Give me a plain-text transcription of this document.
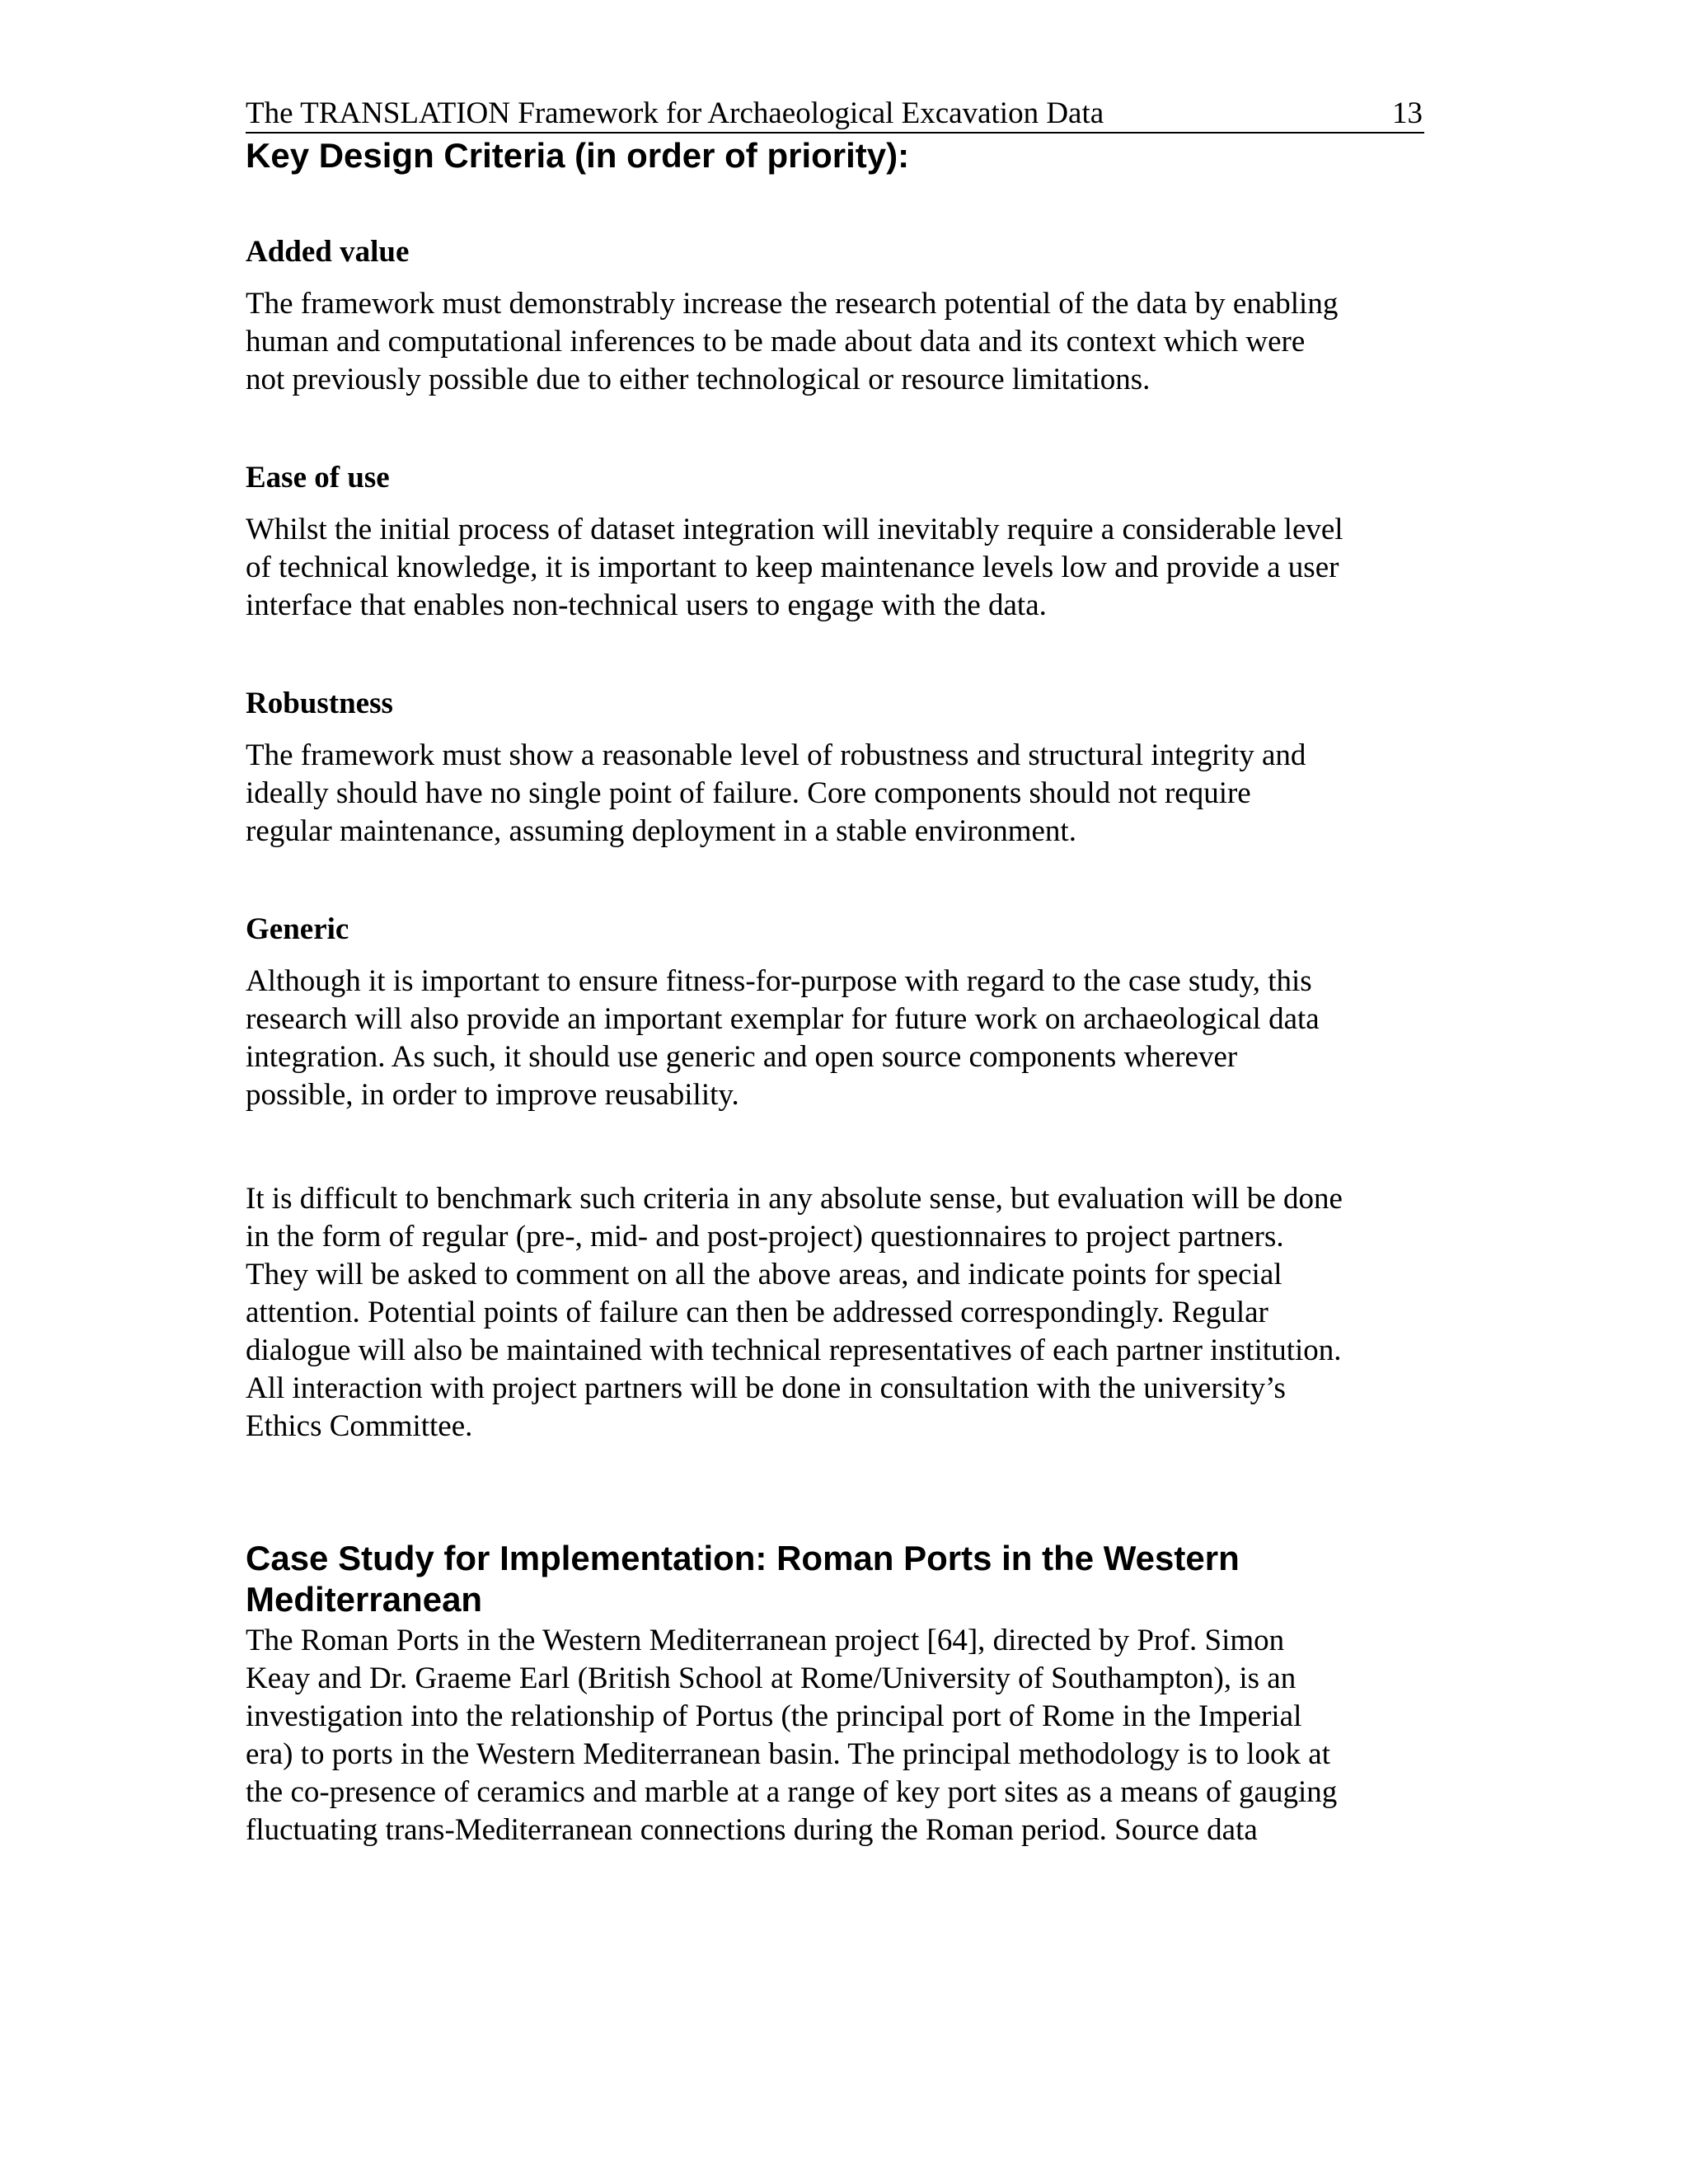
The TRANSLATION Framework for Archaeological Excavation Data	13
Key Design Criteria (in order of priority):
Added value

The framework must demonstrably increase the research potential of the data by enabling
human and computational inferences to be made about data and its context which were
not previously possible due to either technological or resource limitations.

Ease of use

Whilst the initial process of dataset integration will inevitably require a considerable level
of technical knowledge, it is important to keep maintenance levels low and provide a user
interface that enables non-technical users to engage with the data.

Robustness

The framework must show a reasonable level of robustness and structural integrity and
ideally should have no single point of failure. Core components should not require
regular maintenance, assuming deployment in a stable environment.

Generic

Although it is important to ensure fitness-for-purpose with regard to the case study, this
research will also provide an important exemplar for future work on archaeological data
integration. As such, it should use generic and open source components wherever
possible, in order to improve reusability.

It is difficult to benchmark such criteria in any absolute sense, but evaluation will be done
in the form of regular (pre-, mid- and post-project) questionnaires to project partners.
They will be asked to comment on all the above areas, and indicate points for special
attention. Potential points of failure can then be addressed correspondingly. Regular
dialogue will also be maintained with technical representatives of each partner institution.
All interaction with project partners will be done in consultation with the university’s
Ethics Committee.

Case Study for Implementation: Roman Ports in the Western
Mediterranean

The Roman Ports in the Western Mediterranean project [64], directed by Prof. Simon
Keay and Dr. Graeme Earl (British School at Rome/University of Southampton), is an
investigation into the relationship of Portus (the principal port of Rome in the Imperial
era) to ports in the Western Mediterranean basin. The principal methodology is to look at
the co-presence of ceramics and marble at a range of key port sites as a means of gauging
fluctuating trans-Mediterranean connections during the Roman period. Source data
